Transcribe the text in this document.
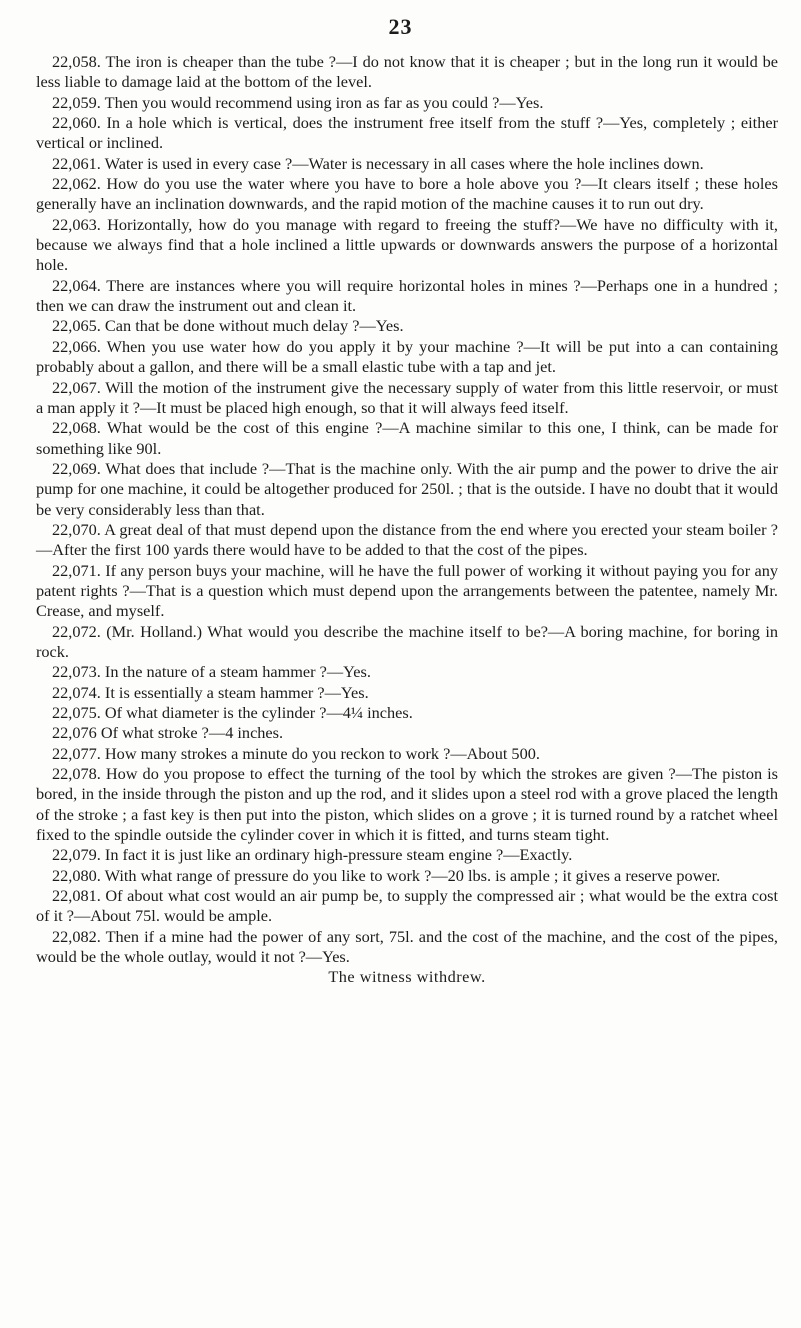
23

22,058. The iron is cheaper than the tube ?—I do not know that it is cheaper ; but in the long run it would be less liable to damage laid at the bottom of the level.

22,059. Then you would recommend using iron as far as you could ?—Yes.

22,060. In a hole which is vertical, does the instrument free itself from the stuff ?—Yes, completely ; either vertical or inclined.

22,061. Water is used in every case ?—Water is necessary in all cases where the hole inclines down.

22,062. How do you use the water where you have to bore a hole above you ?—It clears itself ; these holes generally have an inclination downwards, and the rapid motion of the machine causes it to run out dry.

22,063. Horizontally, how do you manage with regard to freeing the stuff?—We have no difficulty with it, because we always find that a hole inclined a little upwards or downwards answers the purpose of a horizontal hole.

22,064. There are instances where you will require horizontal holes in mines ?—Perhaps one in a hundred ; then we can draw the instrument out and clean it.

22,065. Can that be done without much delay ?—Yes.

22,066. When you use water how do you apply it by your machine ?—It will be put into a can containing probably about a gallon, and there will be a small elastic tube with a tap and jet.

22,067. Will the motion of the instrument give the necessary supply of water from this little reservoir, or must a man apply it ?—It must be placed high enough, so that it will always feed itself.

22,068. What would be the cost of this engine ?—A machine similar to this one, I think, can be made for something like 90l.

22,069. What does that include ?—That is the machine only. With the air pump and the power to drive the air pump for one machine, it could be altogether produced for 250l. ; that is the outside. I have no doubt that it would be very considerably less than that.

22,070. A great deal of that must depend upon the distance from the end where you erected your steam boiler ?—After the first 100 yards there would have to be added to that the cost of the pipes.

22,071. If any person buys your machine, will he have the full power of working it without paying you for any patent rights ?—That is a question which must depend upon the arrangements between the patentee, namely Mr. Crease, and myself.

22,072. (Mr. Holland.) What would you describe the machine itself to be?—A boring machine, for boring in rock.

22,073. In the nature of a steam hammer ?—Yes.

22,074. It is essentially a steam hammer ?—Yes.

22,075. Of what diameter is the cylinder ?—4¼ inches.

22,076 Of what stroke ?—4 inches.

22,077. How many strokes a minute do you reckon to work ?—About 500.

22,078. How do you propose to effect the turning of the tool by which the strokes are given ?—The piston is bored, in the inside through the piston and up the rod, and it slides upon a steel rod with a grove placed the length of the stroke ; a fast key is then put into the piston, which slides on a grove ; it is turned round by a ratchet wheel fixed to the spindle outside the cylinder cover in which it is fitted, and turns steam tight.

22,079. In fact it is just like an ordinary high-pressure steam engine ?—Exactly.

22,080. With what range of pressure do you like to work ?—20 lbs. is ample ; it gives a reserve power.

22,081. Of about what cost would an air pump be, to supply the compressed air ; what would be the extra cost of it ?—About 75l. would be ample.

22,082. Then if a mine had the power of any sort, 75l. and the cost of the machine, and the cost of the pipes, would be the whole outlay, would it not ?—Yes.

The witness withdrew.
